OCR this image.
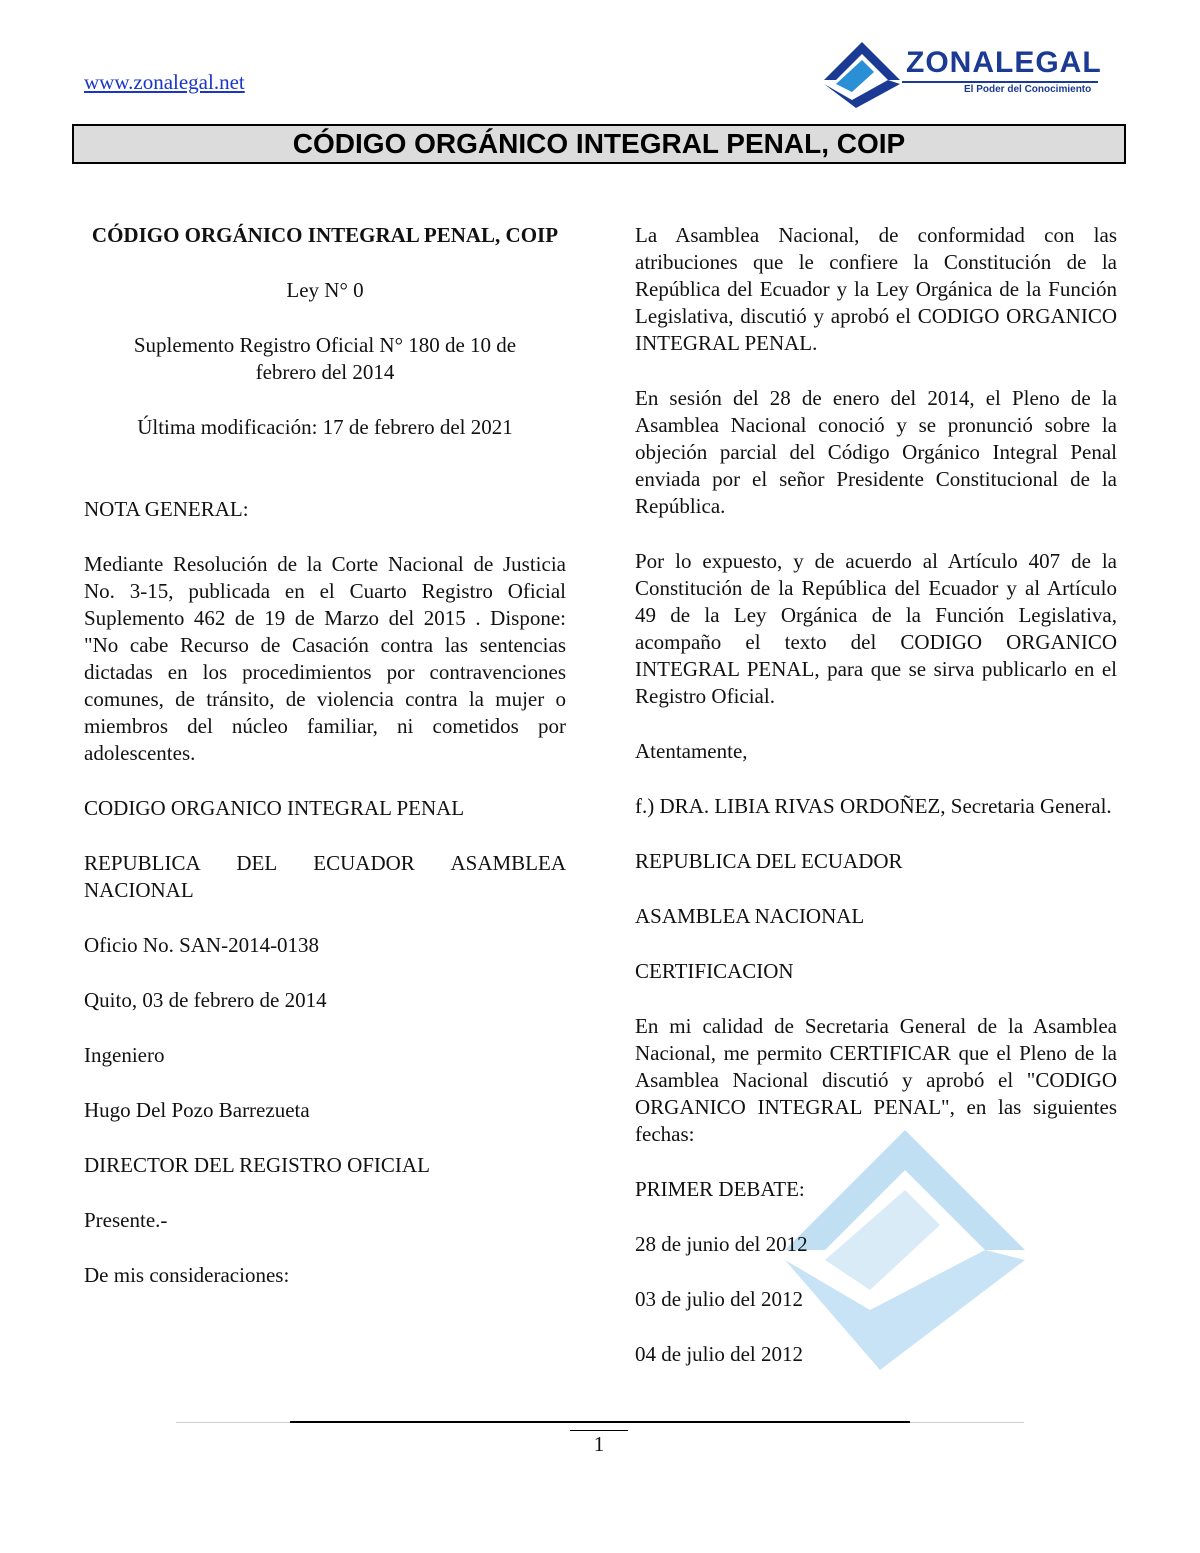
www.zonalegal.net
ZONALEGAL
El Poder del Conocimiento
CÓDIGO ORGÁNICO INTEGRAL PENAL, COIP

CÓDIGO ORGÁNICO INTEGRAL PENAL, COIP

Ley N° 0

Suplemento Registro Oficial N° 180 de 10 de febrero del 2014

Última modificación: 17 de febrero del 2021

NOTA GENERAL:

Mediante Resolución de la Corte Nacional de Justicia No. 3-15, publicada en el Cuarto Registro Oficial Suplemento 462 de 19 de Marzo del 2015 . Dispone: "No cabe Recurso de Casación contra las sentencias dictadas en los procedimientos por contravenciones comunes, de tránsito, de violencia contra la mujer o miembros del núcleo familiar, ni cometidos por adolescentes.

CODIGO ORGANICO INTEGRAL PENAL

REPUBLICA DEL ECUADOR ASAMBLEA NACIONAL

Oficio No. SAN-2014-0138

Quito, 03 de febrero de 2014

Ingeniero

Hugo Del Pozo Barrezueta

DIRECTOR DEL REGISTRO OFICIAL

Presente.-

De mis consideraciones:

La Asamblea Nacional, de conformidad con las atribuciones que le confiere la Constitución de la República del Ecuador y la Ley Orgánica de la Función Legislativa, discutió y aprobó el CODIGO ORGANICO INTEGRAL PENAL.

En sesión del 28 de enero del 2014, el Pleno de la Asamblea Nacional conoció y se pronunció sobre la objeción parcial del Código Orgánico Integral Penal enviada por el señor Presidente Constitucional de la República.

Por lo expuesto, y de acuerdo al Artículo 407 de la Constitución de la República del Ecuador y al Artículo 49 de la Ley Orgánica de la Función Legislativa, acompaño el texto del CODIGO ORGANICO INTEGRAL PENAL, para que se sirva publicarlo en el Registro Oficial.

Atentamente,

f.) DRA. LIBIA RIVAS ORDOÑEZ, Secretaria General.

REPUBLICA DEL ECUADOR

ASAMBLEA NACIONAL

CERTIFICACION

En mi calidad de Secretaria General de la Asamblea Nacional, me permito CERTIFICAR que el Pleno de la Asamblea Nacional discutió y aprobó el "CODIGO ORGANICO INTEGRAL PENAL", en las siguientes fechas:

PRIMER DEBATE:

28 de junio del 2012

03 de julio del 2012

04 de julio del 2012

1
